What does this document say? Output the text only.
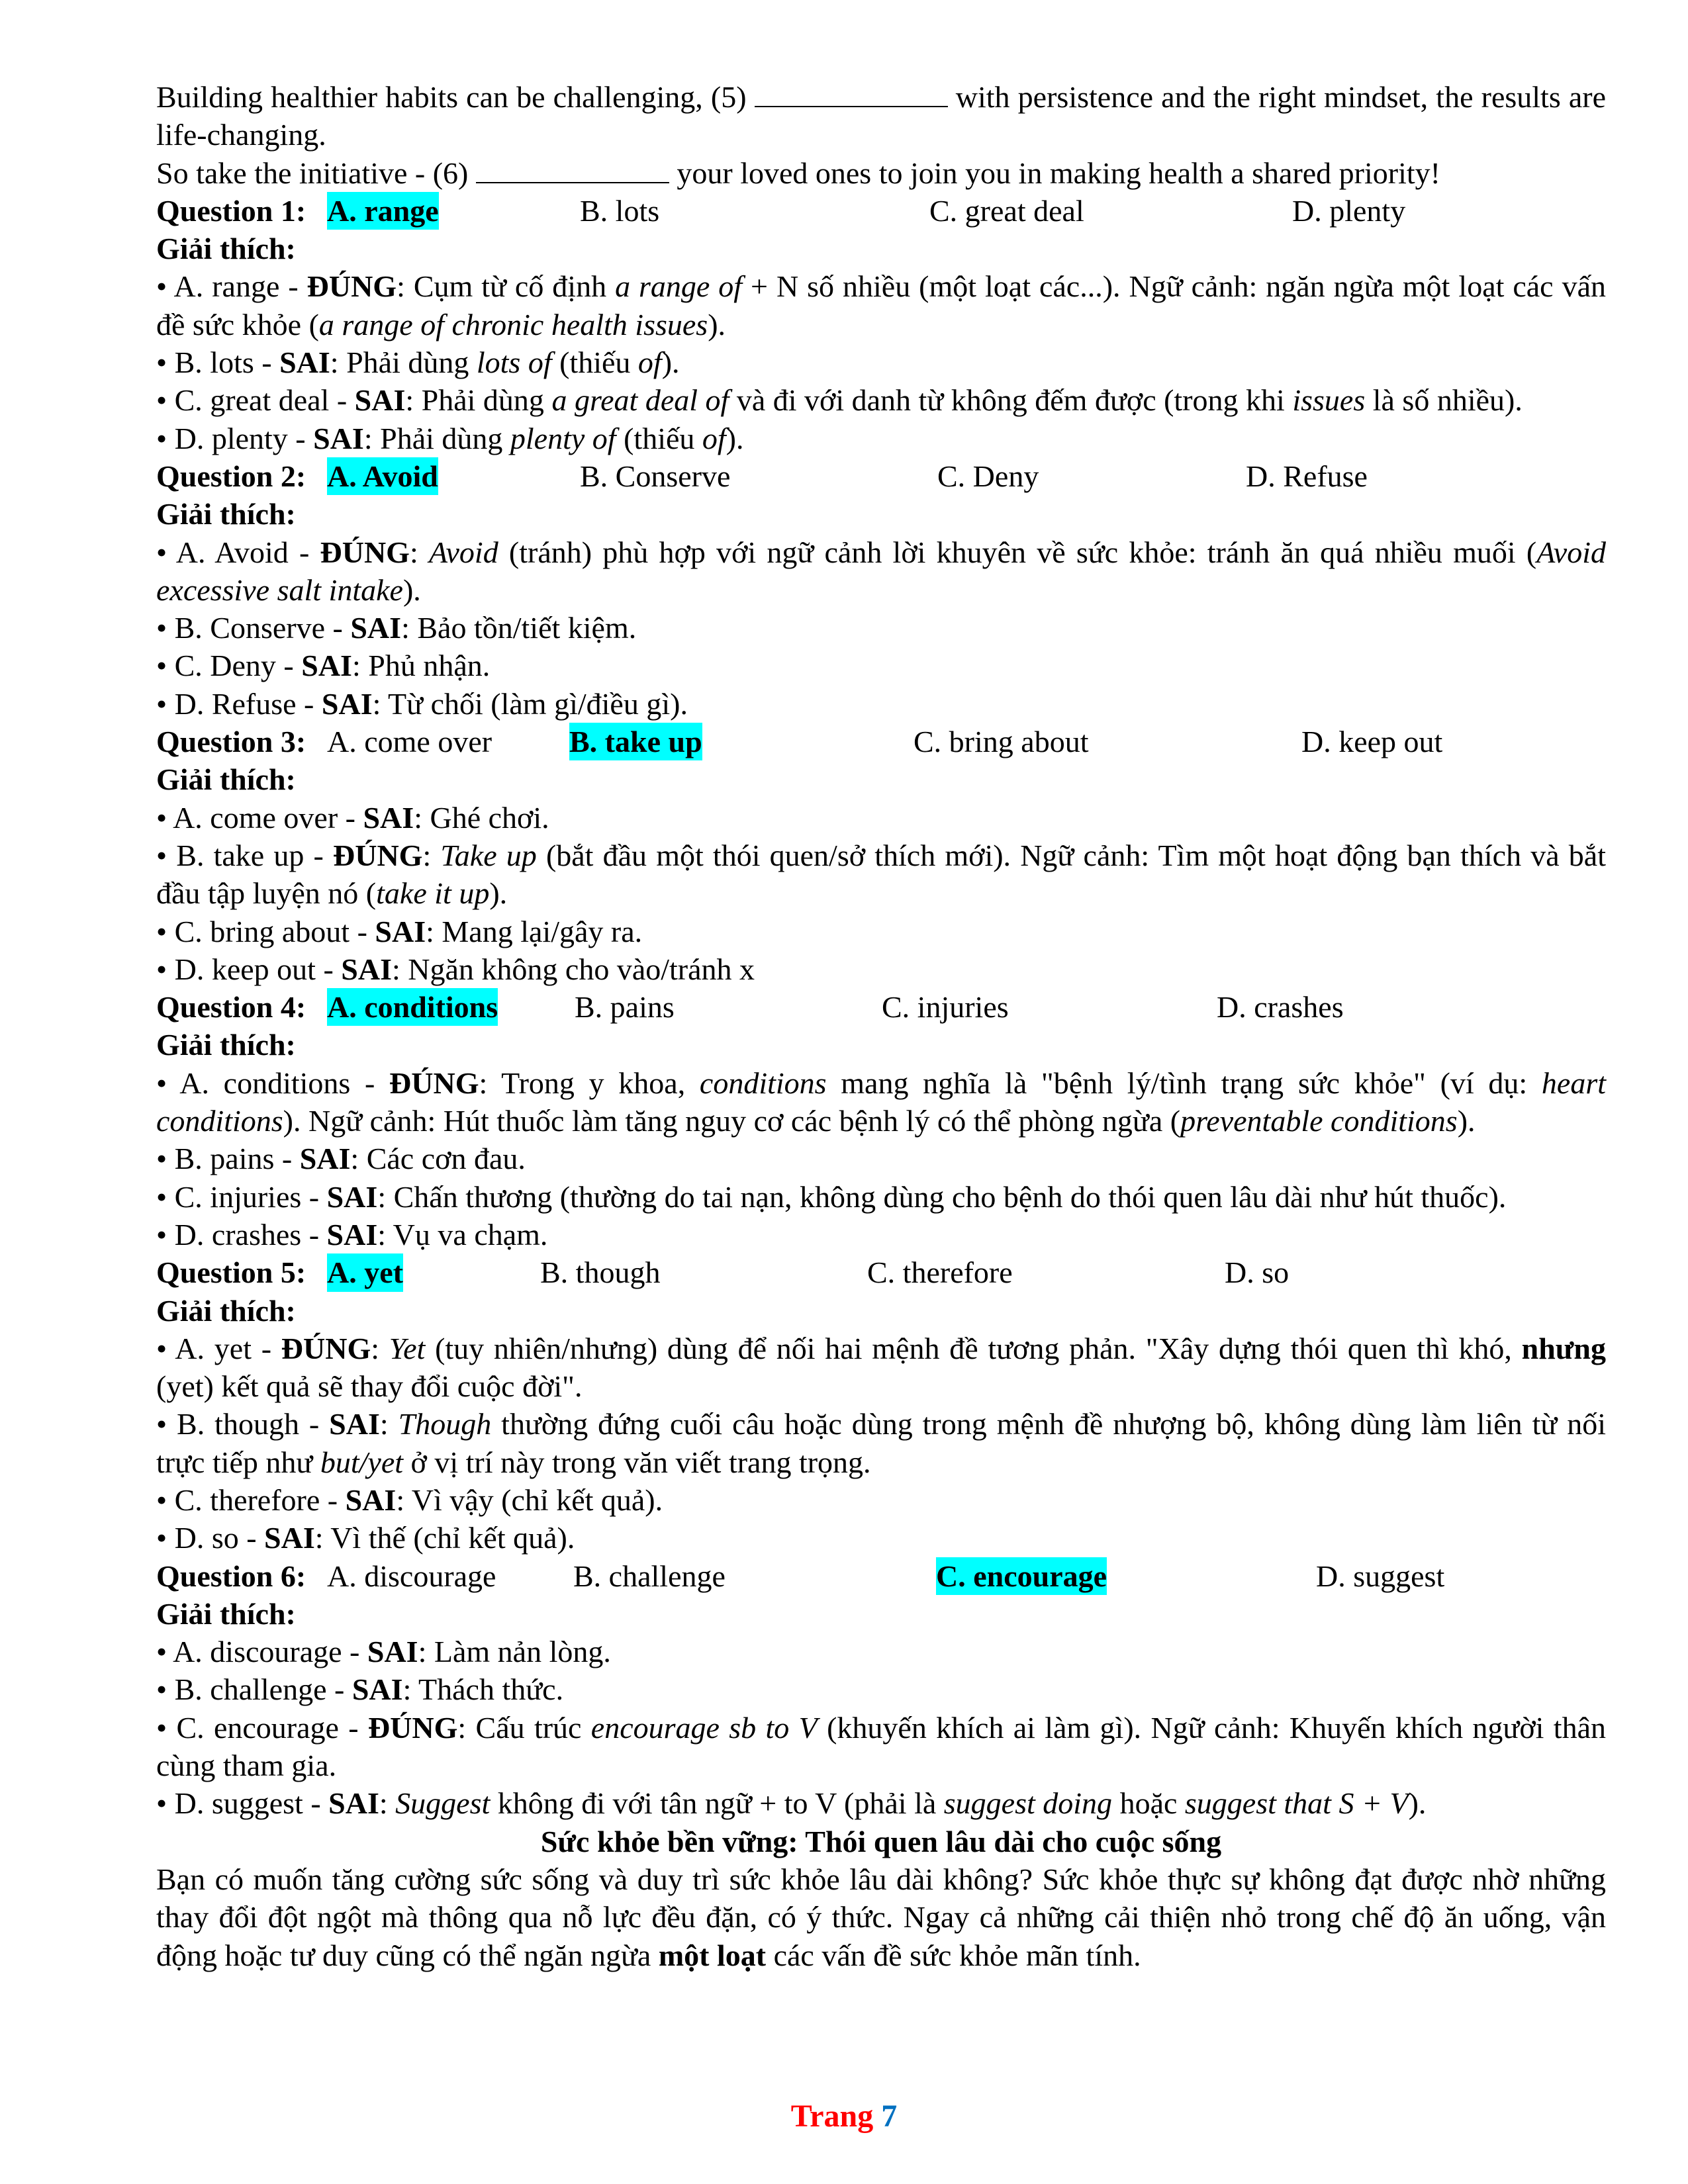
Building healthier habits can be challenging, (5)	with persistence and the right mindset, the results are life-changing.

So take the initiative - (6)	your loved ones to join you in making health a shared priority!

Question 1: A. range	B. lots	C. great deal	D. plenty

Giải thích:

• A. range - ĐÚNG: Cụm từ cố định a range of + N số nhiều (một loạt các...). Ngữ cảnh: ngăn ngừa một loạt các vấn đề sức khỏe (a range of chronic health issues).

• B. lots - SAI: Phải dùng lots of (thiếu of).

• C. great deal - SAI: Phải dùng a great deal of và đi với danh từ không đếm được (trong khi issues là số nhiều).

• D. plenty - SAI: Phải dùng plenty of (thiếu of).

Question 2: A. Avoid	B. Conserve	C. Deny	D. Refuse

Giải thích:

• A. Avoid - ĐÚNG: Avoid (tránh) phù hợp với ngữ cảnh lời khuyên về sức khỏe: tránh ăn quá nhiều muối (Avoid excessive salt intake).

• B. Conserve - SAI: Bảo tồn/tiết kiệm.

• C. Deny - SAI: Phủ nhận.

• D. Refuse - SAI: Từ chối (làm gì/điều gì).

Question 3: A. come over	B. take up	C. bring about	D. keep out

Giải thích:

• A. come over - SAI: Ghé chơi.

• B. take up - ĐÚNG: Take up (bắt đầu một thói quen/sở thích mới). Ngữ cảnh: Tìm một hoạt động bạn thích và bắt đầu tập luyện nó (take it up).

• C. bring about - SAI: Mang lại/gây ra.

• D. keep out - SAI: Ngăn không cho vào/tránh x

Question 4: A. conditions	B. pains	C. injuries	D. crashes

Giải thích:

• A. conditions - ĐÚNG: Trong y khoa, conditions mang nghĩa là "bệnh lý/tình trạng sức khỏe" (ví dụ: heart conditions). Ngữ cảnh: Hút thuốc làm tăng nguy cơ các bệnh lý có thể phòng ngừa (preventable conditions).

• B. pains - SAI: Các cơn đau.

• C. injuries - SAI: Chấn thương (thường do tai nạn, không dùng cho bệnh do thói quen lâu dài như hút thuốc).

• D. crashes - SAI: Vụ va chạm.

Question 5: A. yet	B. though	C. therefore	D. so

Giải thích:

• A. yet - ĐÚNG: Yet (tuy nhiên/nhưng) dùng để nối hai mệnh đề tương phản. "Xây dựng thói quen thì khó, nhưng (yet) kết quả sẽ thay đổi cuộc đời".

• B. though - SAI: Though thường đứng cuối câu hoặc dùng trong mệnh đề nhượng bộ, không dùng làm liên từ nối trực tiếp như but/yet ở vị trí này trong văn viết trang trọng.

• C. therefore - SAI: Vì vậy (chỉ kết quả).

• D. so - SAI: Vì thế (chỉ kết quả).

Question 6: A. discourage	B. challenge	C. encourage	D. suggest

Giải thích:

• A. discourage - SAI: Làm nản lòng.

• B. challenge - SAI: Thách thức.

• C. encourage - ĐÚNG: Cấu trúc encourage sb to V (khuyến khích ai làm gì). Ngữ cảnh: Khuyến khích người thân cùng tham gia.

• D. suggest - SAI: Suggest không đi với tân ngữ + to V (phải là suggest doing hoặc suggest that S + V).

Sức khỏe bền vững: Thói quen lâu dài cho cuộc sống

Bạn có muốn tăng cường sức sống và duy trì sức khỏe lâu dài không? Sức khỏe thực sự không đạt được nhờ những thay đổi đột ngột mà thông qua nỗ lực đều đặn, có ý thức. Ngay cả những cải thiện nhỏ trong chế độ ăn uống, vận động hoặc tư duy cũng có thể ngăn ngừa một loạt các vấn đề sức khỏe mãn tính.

Trang 7
